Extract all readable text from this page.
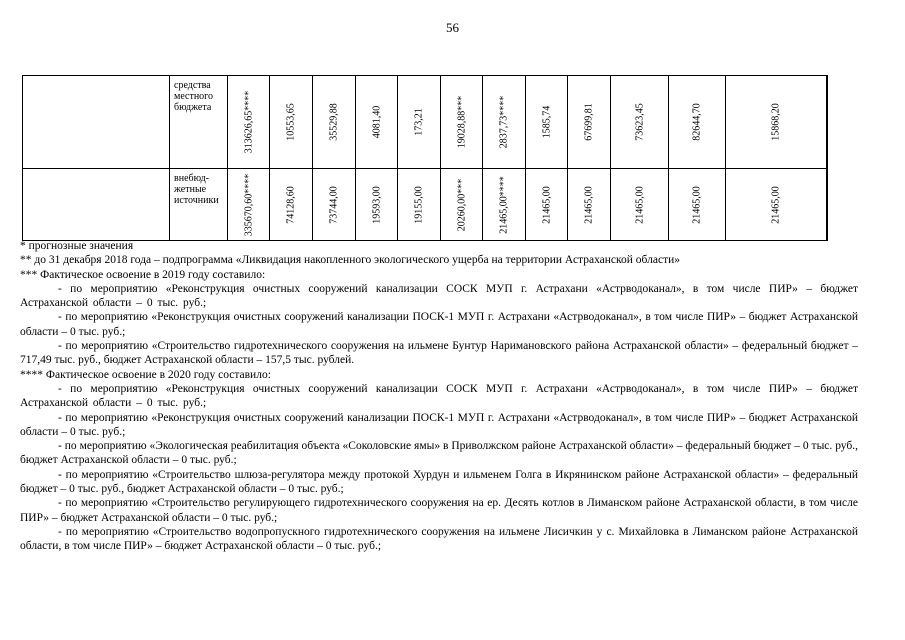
56
	средства местного бюджета	313626,65****	10553,65	35529,88	4081,40	173,21	19028,88***	2837,73****	1585,74	67699,81	73623,45	82644,70	15868,20	

	внебюд-жетные источники	335670,60****	74128,60	73744,00	19593,00	19155,00	20260,00***	21465,00****	21465,00	21465,00	21465,00	21465,00	21465,00	

* прогнозные значения

** до 31 декабря 2018 года – подпрограмма «Ликвидация накопленного экологического ущерба на территории Астраханской области»

*** Фактическое освоение в 2019 году составило:

- по мероприятию «Реконструкция очистных сооружений канализации СОСК МУП г. Астрахани «Астрводоканал», в том числе ПИР» – бюджет Астраханской области – 0 тыс. руб.;

- по мероприятию «Реконструкция очистных сооружений канализации ПОСК-1 МУП г. Астрахани «Астрводоканал», в том числе ПИР» – бюджет Астраханской области – 0 тыс. руб.;

- по мероприятию «Строительство гидротехнического сооружения на ильмене Бунтур Наримановского района Астраханской области» – федеральный бюджет – 717,49 тыс. руб., бюджет Астраханской области – 157,5 тыс. рублей.

**** Фактическое освоение в 2020 году составило:

- по мероприятию «Реконструкция очистных сооружений канализации СОСК МУП г. Астрахани «Астрводоканал», в том числе ПИР» – бюджет Астраханской области – 0 тыс. руб.;

- по мероприятию «Реконструкция очистных сооружений канализации ПОСК-1 МУП г. Астрахани «Астрводоканал», в том числе ПИР» – бюджет Астраханской области – 0 тыс. руб.;

- по мероприятию «Экологическая реабилитация объекта «Соколовские ямы» в Приволжском районе Астраханской области» – федеральный бюджет – 0 тыс. руб., бюджет Астраханской области – 0 тыс. руб.;

- по мероприятию «Строительство шлюза-регулятора между протокой Хурдун и ильменем Голга в Икрянинском районе Астраханской области» – федеральный бюджет – 0 тыс. руб., бюджет Астраханской области – 0 тыс. руб.;

- по мероприятию «Строительство регулирующего гидротехнического сооружения на ер. Десять котлов в Лиманском районе Астраханской области, в том числе ПИР» – бюджет Астраханской области – 0 тыс. руб.;

- по мероприятию «Строительство водопропускного гидротехнического сооружения на ильмене Лисичкин у с. Михайловка в Лиманском районе Астраханской области, в том числе ПИР» – бюджет Астраханской области – 0 тыс. руб.;
